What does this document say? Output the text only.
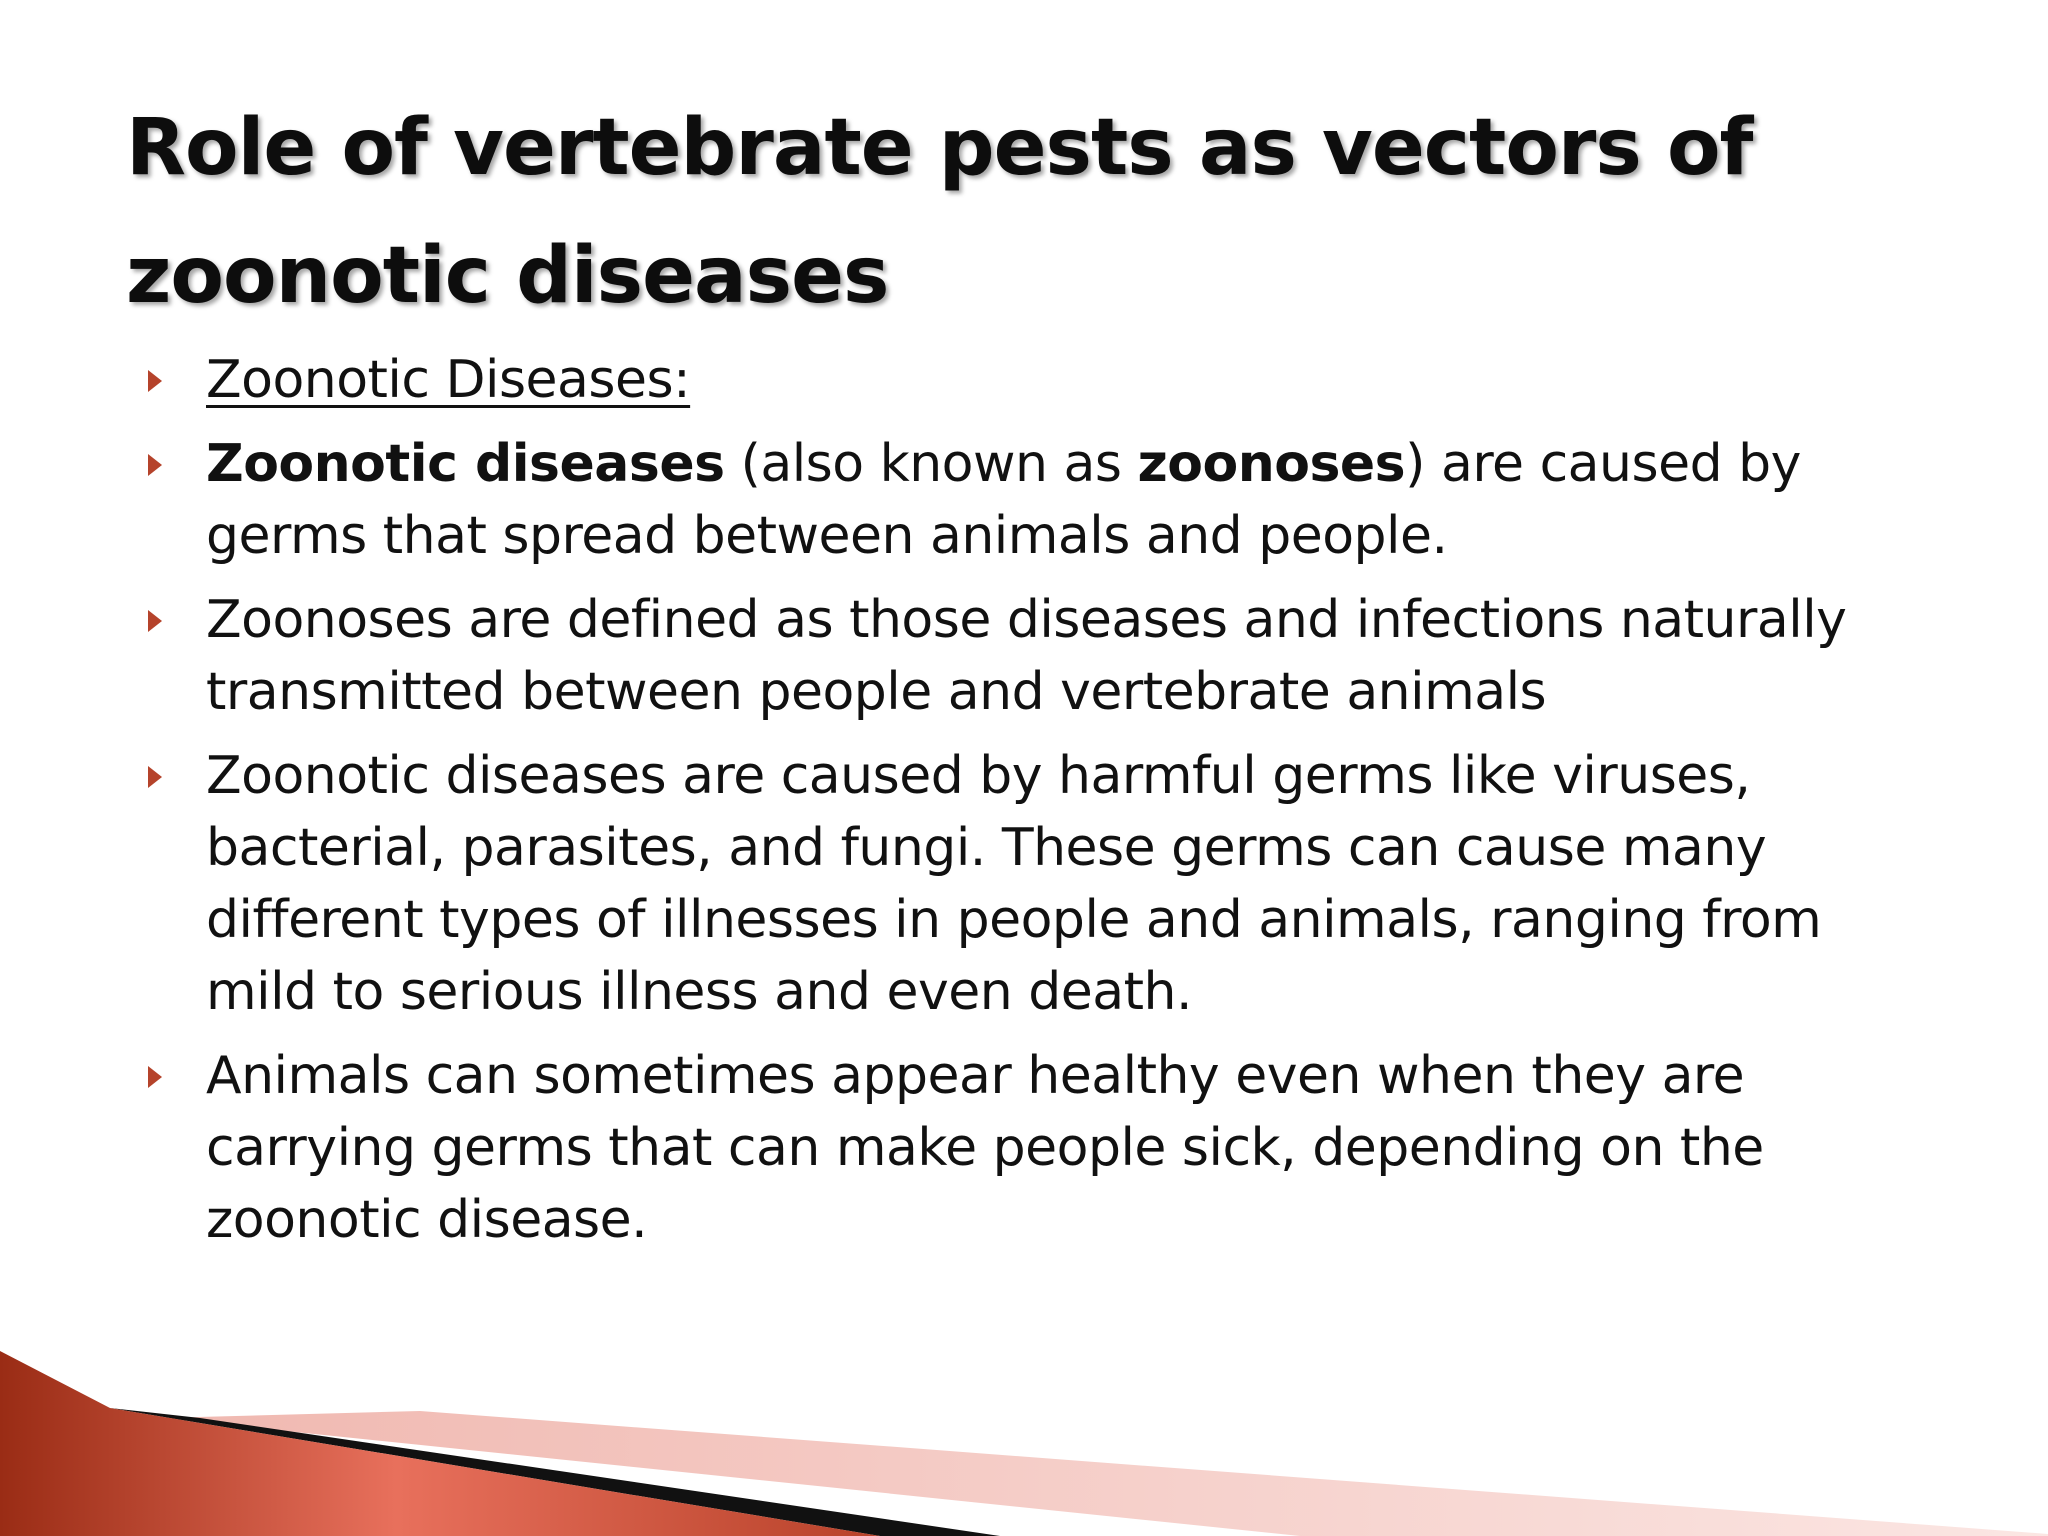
Role of vertebrate pests as vectors of zoonotic diseases
Zoonotic Diseases:
Zoonotic diseases (also known as zoonoses) are caused by germs that spread between animals and people.
Zoonoses are defined as those diseases and infections naturally transmitted between people and vertebrate animals
Zoonotic diseases are caused by harmful germs like viruses, bacterial, parasites, and fungi. These germs can cause many different types of illnesses in people and animals, ranging from mild to serious illness and even death.
Animals can sometimes appear healthy even when they are carrying germs that can make people sick, depending on the zoonotic disease.
